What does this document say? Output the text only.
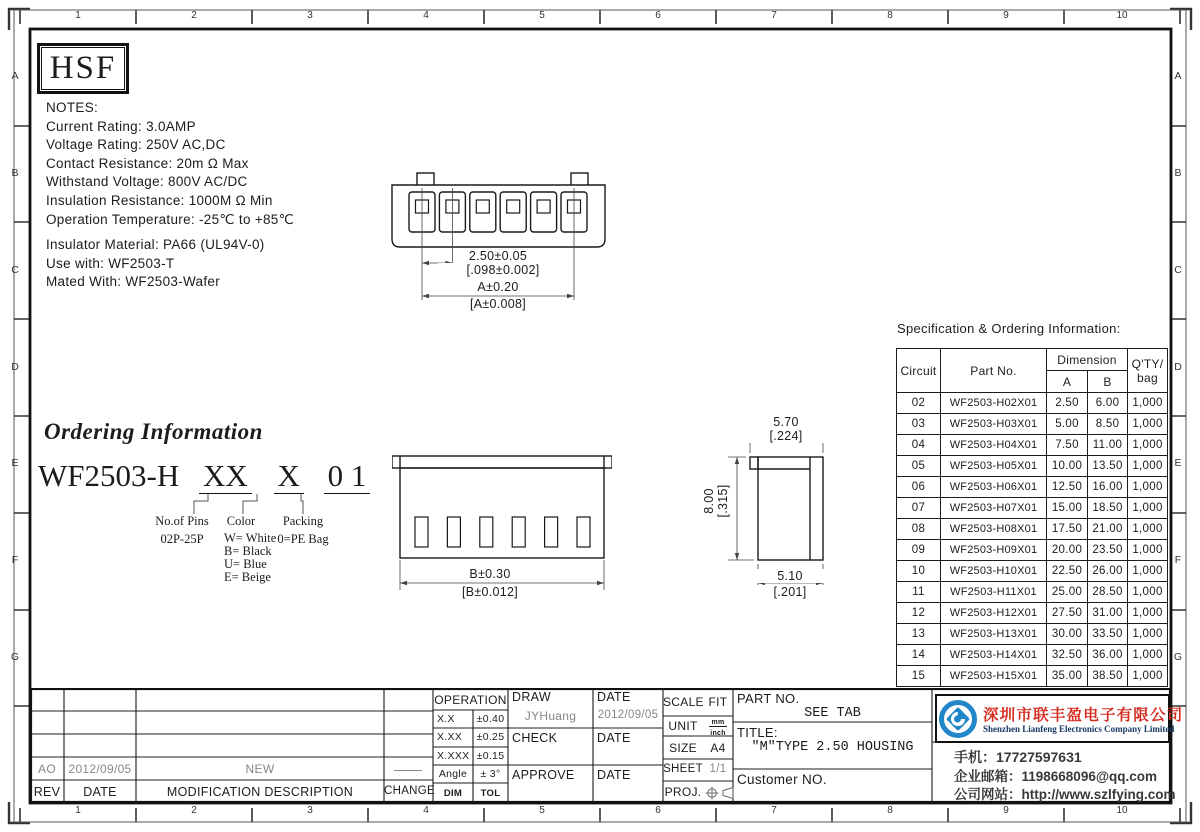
1	2	3	4	5	6	7	8	9	10
1	2	3	4	5	6	7	8	9	10
A
B
C
D
E
F
G
A
B
C
D
E
F
G
HSF
NOTES:
Current Rating: 3.0AMP
Voltage Rating: 250V AC,DC
Contact Resistance: 20m Ω Max
Withstand Voltage: 800V AC/DC
Insulation Resistance: 1000M Ω Min
Operation Temperature: -25℃ to +85℃
Insulator Material: PA66 (UL94V-0)
Use with: WF2503-T
Mated With: WF2503-Wafer
2.50±0.05
[.098±0.002]
A±0.20
[A±0.008]
B±0.30
[B±0.012]
5.70
[.224]
8.00 [.315]
5.10
[.201]
Ordering Information
WF2503-H XX X 0 1
No.of Pins
02P-25P
Color
W= White
B= Black
U= Blue
E= Beige
Packing
0=PE Bag
Specification & Ordering Information:
Circuit	Part No.	Dimension		Q'TY/
bag
		A	B	
02	WF2503-H02X01	2.50	6.00	1,000
03	WF2503-H03X01	5.00	8.50	1,000
04	WF2503-H04X01	7.50	11.00	1,000
05	WF2503-H05X01	10.00	13.50	1,000
06	WF2503-H06X01	12.50	16.00	1,000
07	WF2503-H07X01	15.00	18.50	1,000
08	WF2503-H08X01	17.50	21.00	1,000
09	WF2503-H09X01	20.00	23.50	1,000
10	WF2503-H10X01	22.50	26.00	1,000
11	WF2503-H11X01	25.00	28.50	1,000
12	WF2503-H12X01	27.50	31.00	1,000
13	WF2503-H13X01	30.00	33.50	1,000
14	WF2503-H14X01	32.50	36.00	1,000
15	WF2503-H15X01	35.00	38.50	1,000
AO	2012/09/05	NEW
REV	DATE	MODIFICATION DESCRIPTION	CHANGE
OPERATION
X.X	±0.40
X.XX	±0.25
X.XXX ±0.15
Angle	± 3°
DIM	TOL
DRAW
JYHuang
DATE
2012/09/05
CHECK	DATE
APPROVE DATE
SCALE FIT
UNIT	mm
inch
SIZE	A4
SHEET 1/1
PROJ.
PART NO.
SEE TAB
TITLE:
"M"TYPE 2.50 HOUSING
Customer NO.
深圳市联丰盈电子有限公司
Shenzhen Lianfeng Electronics Company Limited
手机：17727597631
企业邮箱：1198668096@qq.com
公司网站：http://www.szlfying.com
